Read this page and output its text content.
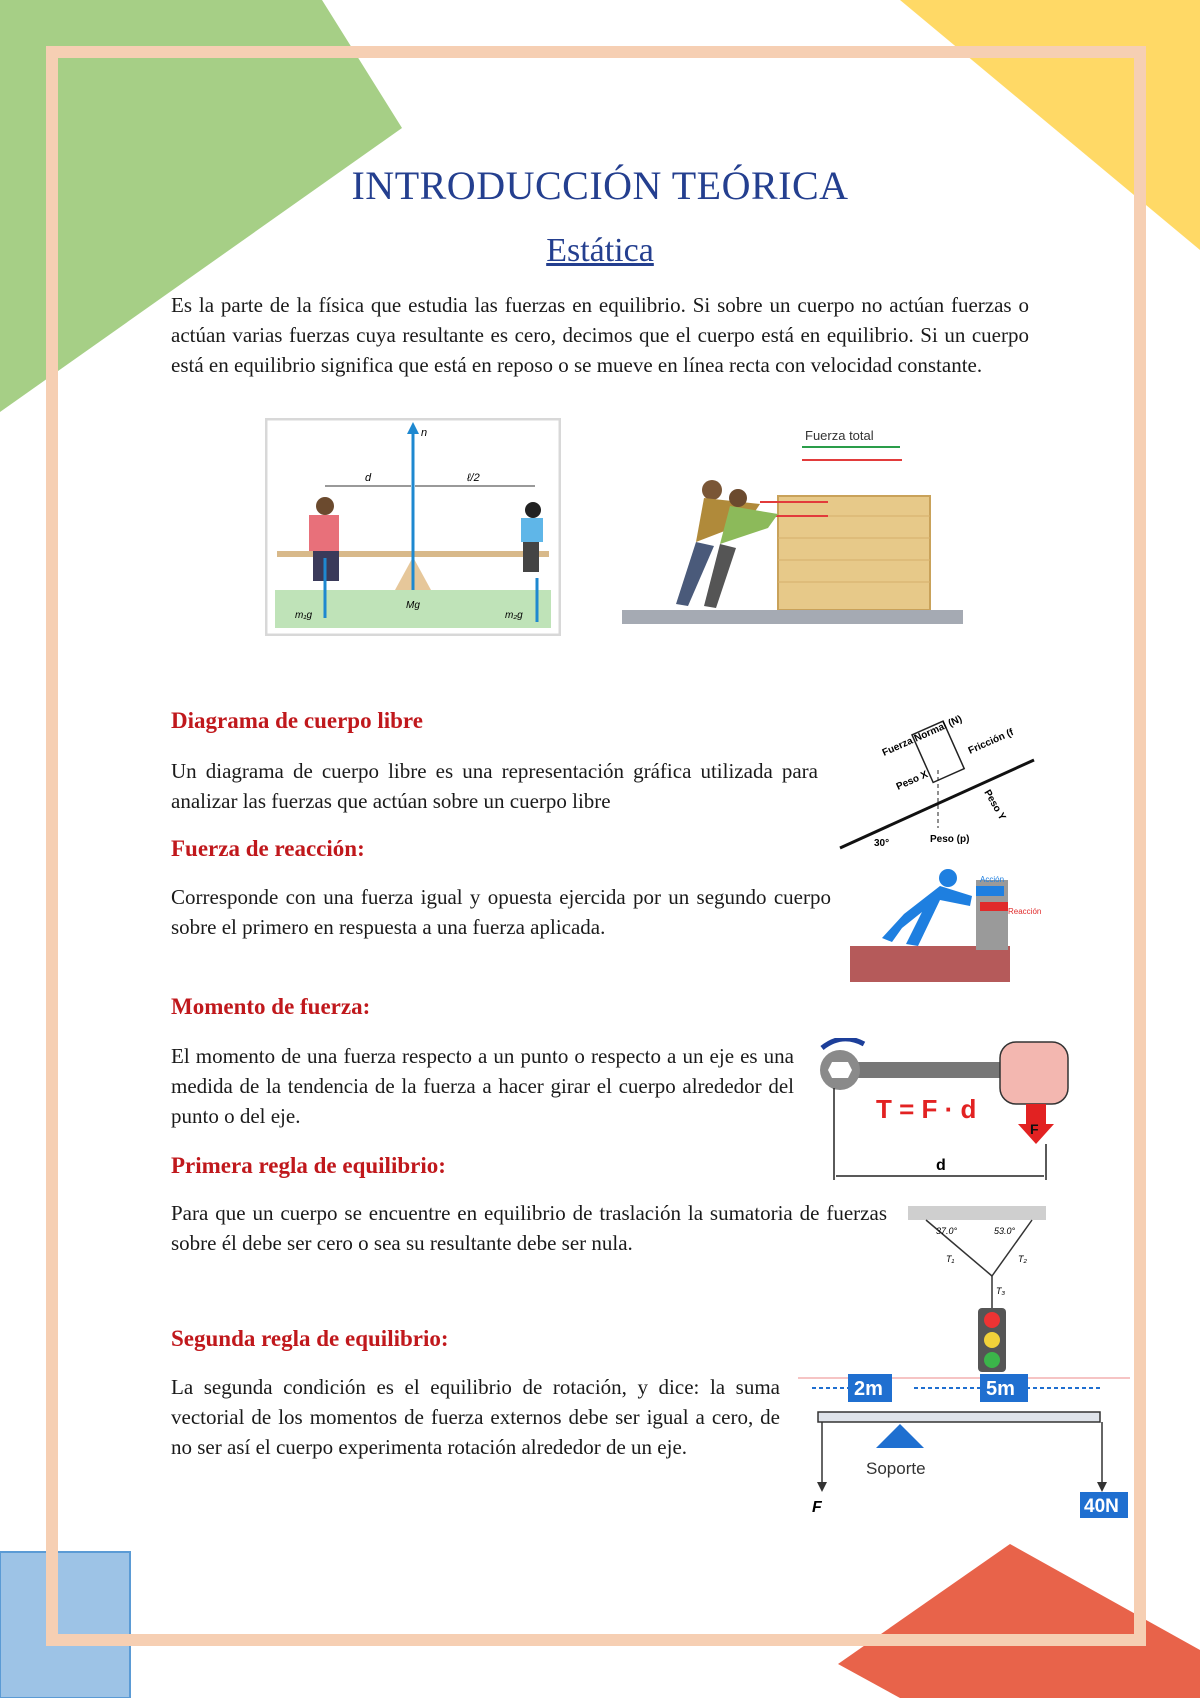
INTRODUCCIÓN TEÓRICA
Estática
Es la parte de la física que estudia las fuerzas en equilibrio. Si sobre un cuerpo no actúan fuerzas o actúan varias fuerzas cuya resultante es cero, decimos que el cuerpo está en equilibrio. Si un cuerpo está en equilibrio significa que está en reposo o se mueve en línea recta con velocidad constante.
n
d	ℓ/2
m₁g
Mg
m₂g
Fuerza total
Diagrama de cuerpo libre
Un diagrama de cuerpo libre es una representación gráfica utilizada para analizar las fuerzas que actúan sobre un cuerpo libre
Fuerza Normal (N) Fricción (f
Peso X
Peso Y
Peso (p)
30°
Fuerza de reacción:
Corresponde con una fuerza igual y opuesta ejercida por un segundo cuerpo sobre el primero en respuesta a una fuerza aplicada.
Acción
Reacción
Momento de fuerza:
El momento de una fuerza respecto a un punto o respecto a un eje es una medida de la tendencia de la fuerza a hacer girar el cuerpo alrededor del punto o del eje.
F
T = F · d
d
Primera regla de equilibrio:
Para que un cuerpo se encuentre en equilibrio de traslación la sumatoria de fuerzas sobre él debe ser cero o sea su resultante debe ser nula.	37.0°	53.0°
T₁	T₂
T₃
Segunda regla de equilibrio:
La segunda condición es el equilibrio de rotación, y dice: la suma vectorial de los momentos de fuerza externos debe ser igual a cero, de no ser así el cuerpo experimenta rotación alrededor de un eje.
2m	5m
Soporte
F	40N
